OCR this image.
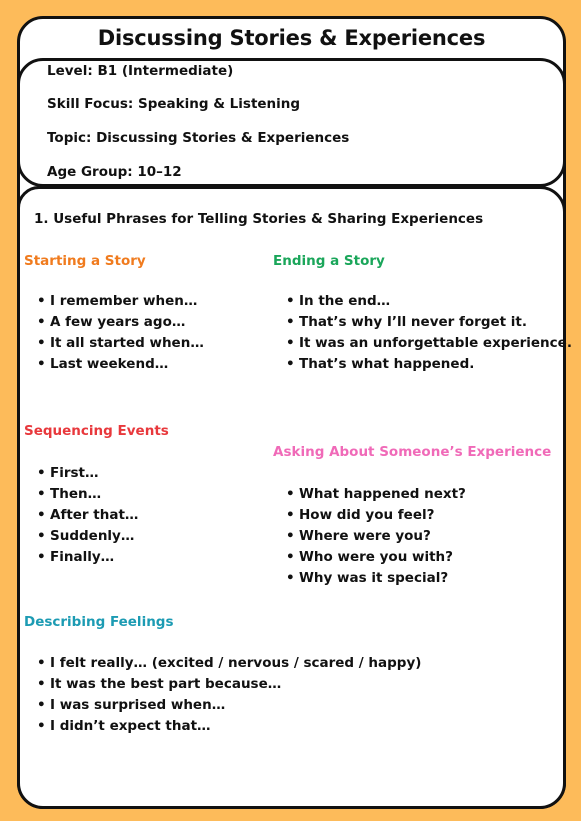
Discussing Stories & Experiences

Level: B1 (Intermediate)

Skill Focus: Speaking & Listening

Topic: Discussing Stories & Experiences

Age Group: 10–12

1. Useful Phrases for Telling Stories & Sharing Experiences

Starting a Story

• I remember when…
• A few years ago…
• It all started when…
• Last weekend…

Ending a Story

• In the end…
• That’s why I’ll never forget it.
• It was an unforgettable experience.
• That’s what happened.

Sequencing Events

• First…
• Then…
• After that…
• Suddenly…
• Finally…

Asking About Someone’s Experience

• What happened next?
• How did you feel?
• Where were you?
• Who were you with?
• Why was it special?

Describing Feelings

• I felt really… (excited / nervous / scared / happy)
• It was the best part because…
• I was surprised when…
• I didn’t expect that…
